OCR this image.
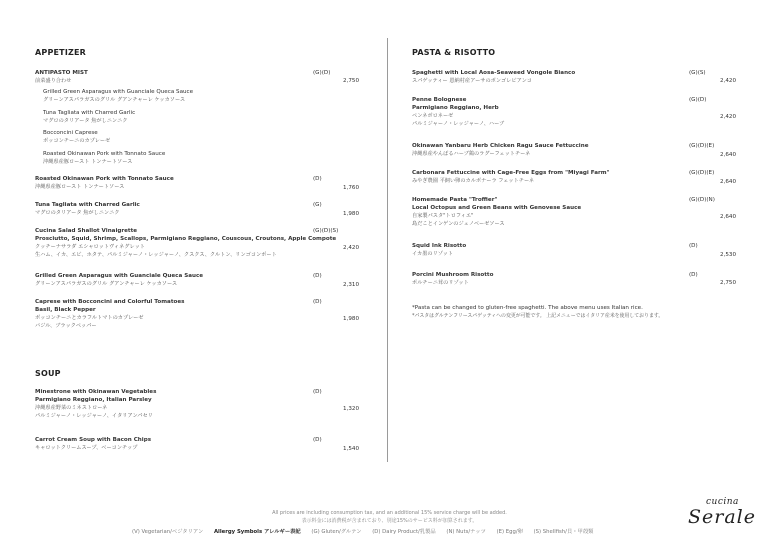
APPETIZER
ANTIPASTO MIST
前菜盛り合わせ
(G)(D)
2,750
Grilled Green Asparagus with Guanciale Queca Sauce
グリーンアスパラガスのグリル グアンチャーレ ケッカソース
Tuna Tagliata with Charred Garlic
マグロのタリアータ 焦がしニンニク
Bocconcini Caprese
ボッコンチーニのカプレーゼ
Roasted Okinawan Pork with Tonnato Sauce
沖縄県産豚ロースト トンナートソース
Roasted Okinawan Pork with Tonnato Sauce
沖縄県産豚ロースト トンナートソース
(D)
1,760
Tuna Tagliata with Charred Garlic
マグロのタリアータ 焦がしニンニク
(G)
1,980
Cucina Salad Shallot Vinaigrette
Prosciutto, Squid, Shrimp, Scallops, Parmigiano Reggiano, Couscous, Croutons, Apple Compote
クッチーナサラダ エシャロットヴィネグレット
生ハム、イカ、エビ、ホタテ、パルミジャーノ・レッジャーノ、クスクス、クルトン、リンゴコンポート
(G)(D)(S)
2,420
Grilled Green Asparagus with Guanciale Queca Sauce
グリーンアスパラガスのグリル グアンチャーレ ケッカソース
(D)
2,310
Caprese with Bocconcini and Colorful Tomatoes
Basil, Black Pepper
ボッコンチーニとカラフルトマトのカプレーゼ
バジル、ブラックペッパー
(D)
1,980
SOUP
Minestrone with Okinawan Vegetables
Parmigiano Reggiano, Italian Parsley
沖縄県産野菜のミネストローネ
パルミジャーノ・レッジャーノ、イタリアンパセリ
(D)
1,320
Carrot Cream Soup with Bacon Chips
キャロットクリームスープ、ベーコンチップ
(D)
1,540
PASTA & RISOTTO
Spaghetti with Local Aosa-Seaweed Vongole Bianco
スパゲッティー 恩納村産アーサのボンゴレビアンコ
(G)(S)
2,420
Penne Bolognese
Parmigiano Reggiano, Herb
ペンネボロネーゼ
パルミジャーノ・レッジャーノ、ハーブ
(G)(D)
2,420
Okinawan Yanbaru Herb Chicken Ragu Sauce Fettuccine
沖縄県産やんばるハーブ鶏のラグーフェットチーネ
(G)(D)(E)
2,640
Carbonara Fettuccine with Cage-Free Eggs from "Miyagi Farm"
みやぎ農園 平飼い卵のカルボナーラ フェットチーネ
(G)(D)(E)
2,640
Homemade Pasta "Troffier"
Local Octopus and Green Beans with Genovese Sauce
自家製パスタ"トロフィエ"
島だことインゲンのジェノベーゼソース
(G)(D)(N)
2,640
Squid Ink Risotto
イカ墨のリゾット
(D)
2,530
Porcini Mushroom Risotto
ポルチーニ茸のリゾット
(D)
2,750
*Pasta can be changed to gluten-free spaghetti. The above menu uses Italian rice.
*パスタはグルテンフリースパゲッティへの変更が可能です。 上記メニューではイタリア産米を使用しております。
All prices are including consumption tax, and an additional 15% service charge will be added.
表示料金には消費税が含まれており、別途15%のサービス料が加算されます。
(V) Vegetarian/ベジタリアン Allergy Symbols アレルギー表記 (G) Gluten/グルテン (D) Dairy Product/乳製品 (N) Nuts/ナッツ (E) Egg/卵 (S) Shellfish/貝・甲殻類
cucina
Serale
